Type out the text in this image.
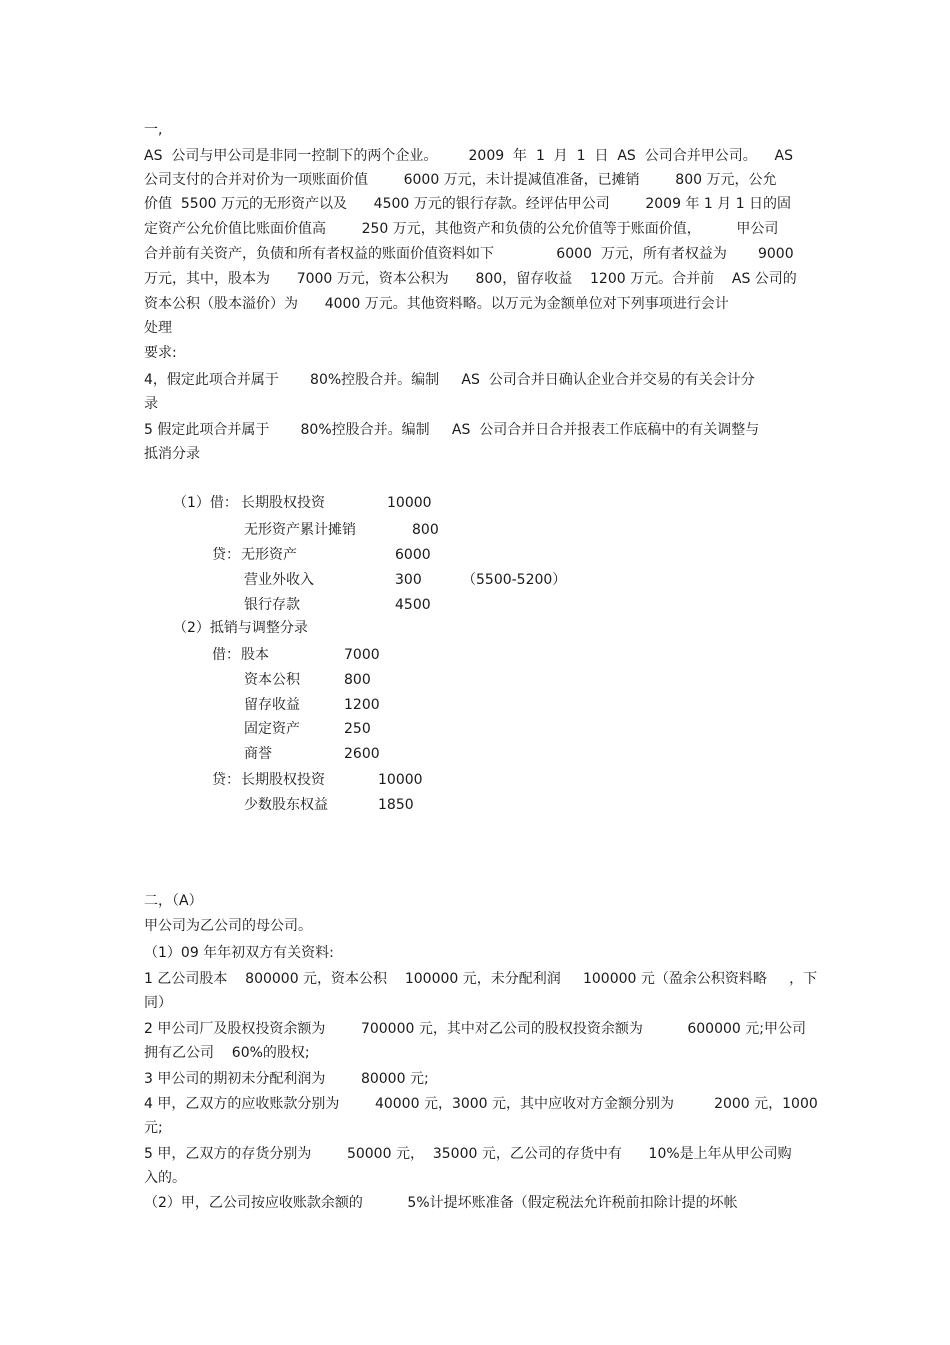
一,
AS  公司与甲公司是非同一控制下的两个企业。       2009  年  1  月  1  日  AS  公司合并甲公司。    AS
公司支付的合并对价为一项账面价值        6000 万元，未计提减值准备，已摊销        800 万元，公允
价值  5500 万元的无形资产以及      4500 万元的银行存款。经评估甲公司        2009 年 1 月 1 日的固
定资产公允价值比账面价值高        250 万元，其他资产和负债的公允价值等于账面价值，        甲公司
合并前有关资产，负债和所有者权益的账面价值资料如下              6000  万元，所有者权益为       9000
万元，其中，股本为      7000 万元，资本公积为      800，留存收益    1200 万元。合并前    AS 公司的
资本公积（股本溢价）为      4000 万元。其他资料略。以万元为金额单位对下列事项进行会计
处理
要求:
4，假定此项合并属于       80%控股合并。编制     AS  公司合并日确认企业合并交易的有关会计分
录
5 假定此项合并属于       80%控股合并。编制     AS  公司合并日合并报表工作底稿中的有关调整与
抵消分录
（1）借： 长期股权投资	10000
无形资产累计摊销	800
贷： 无形资产	6000
营业外收入	300	（5500-5200）
银行存款	4500
（2）抵销与调整分录
借： 股本	7000
资本公积	800
留存收益	1200
固定资产	250
商誉	2600
贷： 长期股权投资	10000
少数股东权益	1850
二，（A）
甲公司为乙公司的母公司。
（1）09 年年初双方有关资料:
1 乙公司股本    800000 元，资本公积    100000 元，未分配利润     100000 元（盈余公积资料略     ，下
同）
2 甲公司厂及股权投资余额为        700000 元，其中对乙公司的股权投资余额为          600000 元;甲公司
拥有乙公司    60%的股权;
3 甲公司的期初未分配利润为        80000 元;
4 甲，乙双方的应收账款分别为        40000 元，3000 元，其中应收对方金额分别为         2000 元，1000
元;
5 甲，乙双方的存货分别为        50000 元，  35000 元，乙公司的存货中有      10%是上年从甲公司购
入的。
（2）甲，乙公司按应收账款余额的          5%计提坏账准备（假定税法允许税前扣除计提的坏帐
